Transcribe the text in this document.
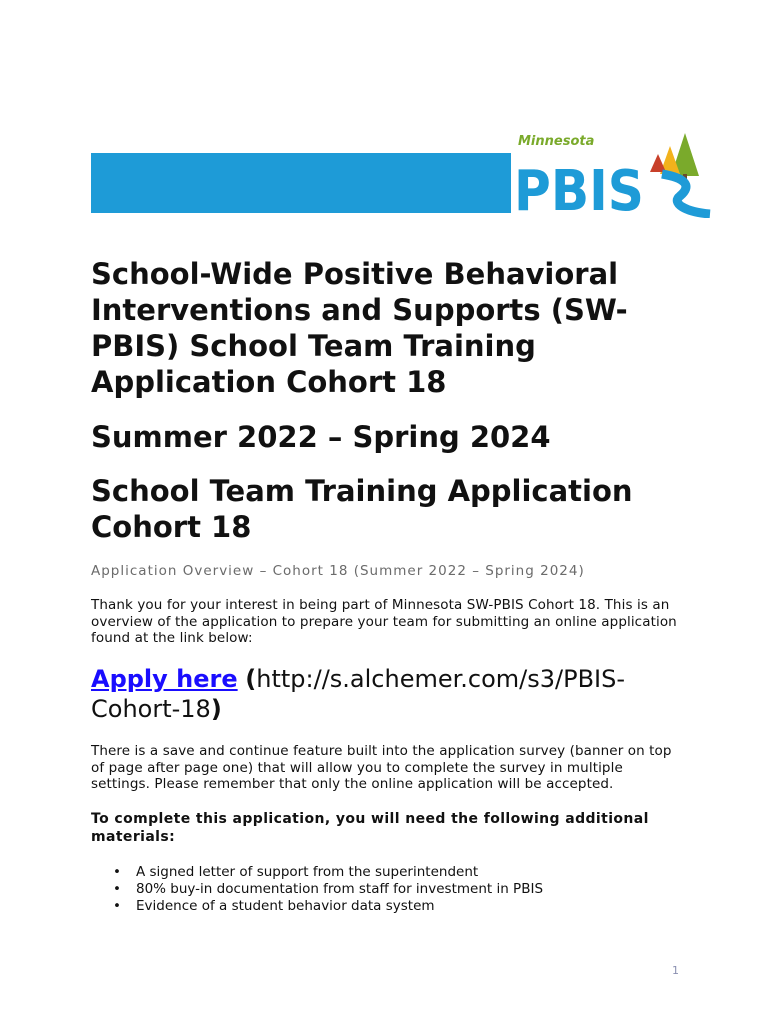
Minnesota
PBIS
School-Wide Positive Behavioral Interventions and Supports (SW-PBIS) School Team Training Application Cohort 18
Summer 2022 – Spring 2024
School Team Training Application Cohort 18
Application Overview – Cohort 18 (Summer 2022 – Spring 2024)

Thank you for your interest in being part of Minnesota SW-PBIS Cohort 18. This is an overview of the application to prepare your team for submitting an online application found at the link below:

Apply here (http://s.alchemer.com/s3/PBIS-Cohort-18)

There is a save and continue feature built into the application survey (banner on top of page after page one) that will allow you to complete the survey in multiple settings. Please remember that only the online application will be accepted.

To complete this application, you will need the following additional materials:

• A signed letter of support from the superintendent
• 80% buy-in documentation from staff for investment in PBIS
• Evidence of a student behavior data system
1
